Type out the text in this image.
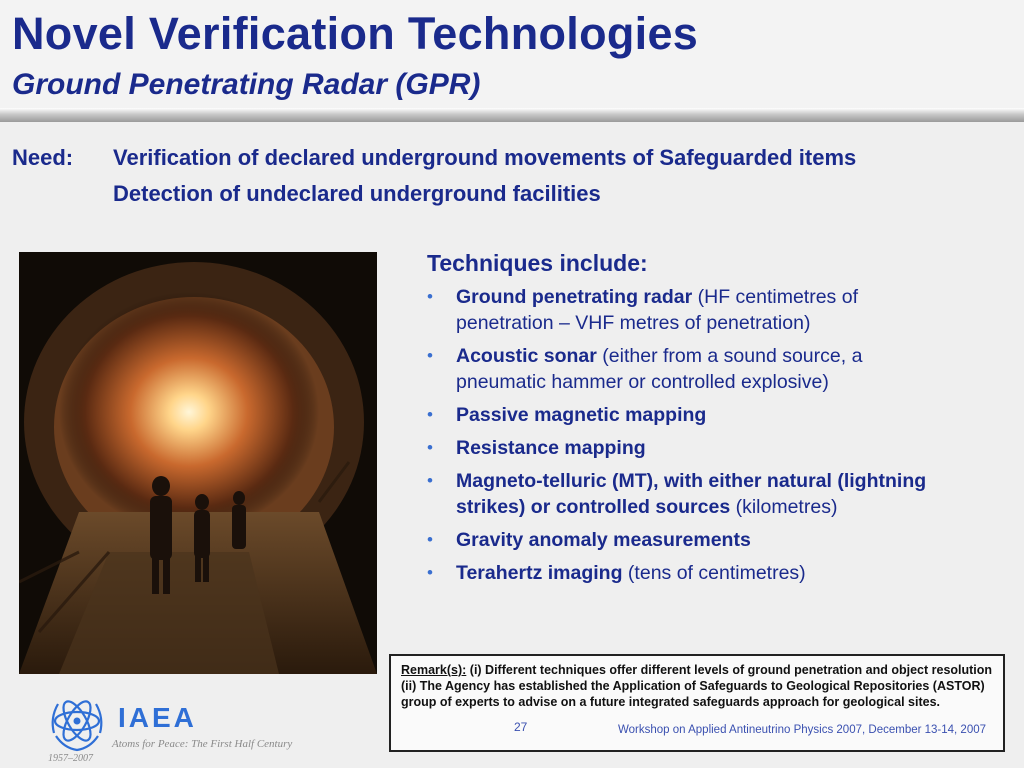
Novel Verification Technologies
Ground Penetrating Radar (GPR)
Need: Verification of declared underground movements of Safeguarded items
Detection of undeclared underground facilities
Techniques include:
• Ground penetrating radar (HF centimetres of penetration – VHF metres of penetration)
• Acoustic sonar (either from a sound source, a pneumatic hammer or controlled explosive)
• Passive magnetic mapping
• Resistance mapping
• Magneto-telluric (MT), with either natural (lightning strikes) or controlled sources (kilometres)
• Gravity anomaly measurements
• Terahertz imaging (tens of centimetres)

Remark(s): (i) Different techniques offer different levels of ground penetration and object resolution

(ii) The Agency has established the Application of Safeguards to Geological Repositories (ASTOR) group of experts to advise on a future integrated safeguards approach for geological sites.

27	Workshop on Applied Antineutrino Physics 2007, December 13-14, 2007
IAEA
Atoms for Peace: The First Half Century
1957–2007
